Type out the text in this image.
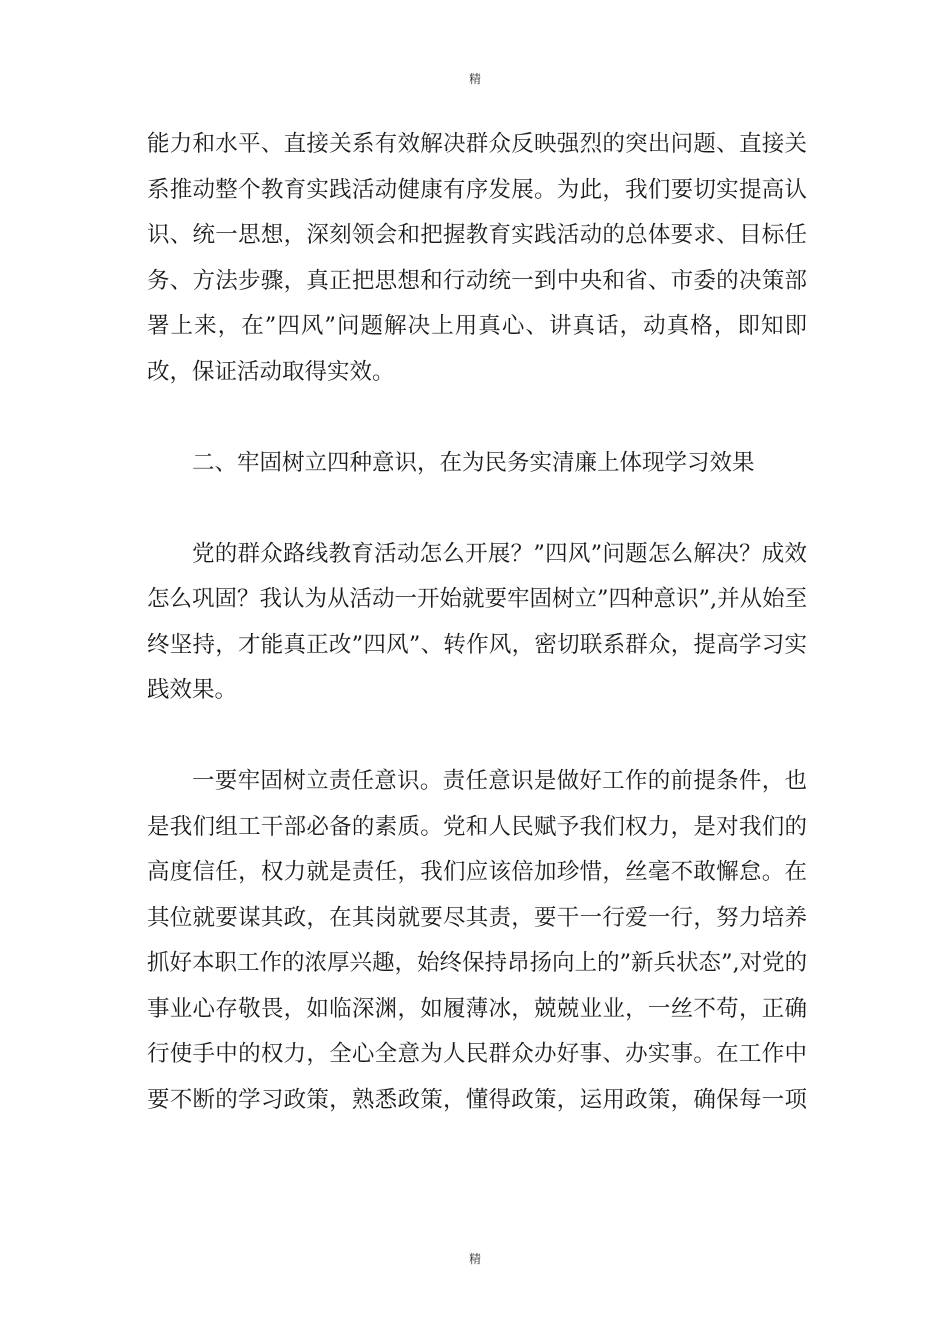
精
能力和水平、直接关系有效解决群众反映强烈的突出问题、直接关
系推动整个教育实践活动健康有序发展。为此，我们要切实提高认
识、统一思想，深刻领会和把握教育实践活动的总体要求、目标任
务、方法步骤，真正把思想和行动统一到中央和省、市委的决策部
署上来，在”四风”问题解决上用真心、讲真话，动真格，即知即
改，保证活动取得实效。
二、牢固树立四种意识，在为民务实清廉上体现学习效果
党的群众路线教育活动怎么开展？”四风”问题怎么解决？成效
怎么巩固？我认为从活动一开始就要牢固树立”四种意识”,并从始至
终坚持，才能真正改”四风”、转作风，密切联系群众，提高学习实
践效果。
一要牢固树立责任意识。责任意识是做好工作的前提条件，也
是我们组工干部必备的素质。党和人民赋予我们权力，是对我们的
高度信任，权力就是责任，我们应该倍加珍惜，丝毫不敢懈怠。在
其位就要谋其政，在其岗就要尽其责，要干一行爱一行，努力培养
抓好本职工作的浓厚兴趣，始终保持昂扬向上的”新兵状态”,对党的
事业心存敬畏，如临深渊，如履薄冰，兢兢业业，一丝不苟，正确
行使手中的权力，全心全意为人民群众办好事、办实事。在工作中
要不断的学习政策，熟悉政策，懂得政策，运用政策，确保每一项
精
